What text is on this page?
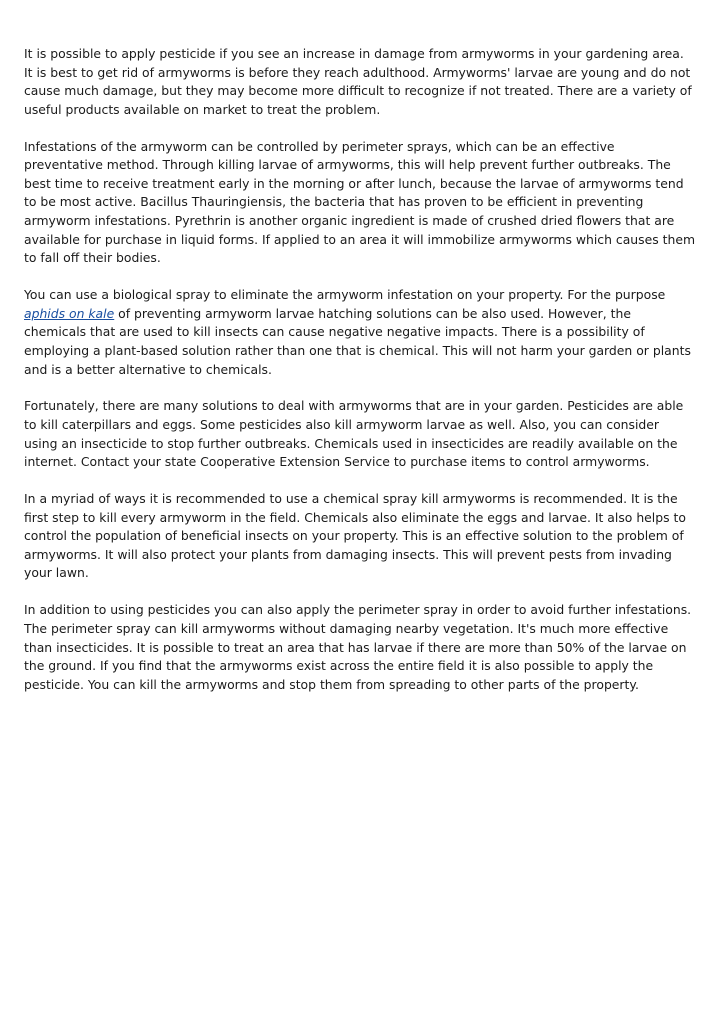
It is possible to apply pesticide if you see an increase in damage from armyworms in your gardening area. It is best to get rid of armyworms is before they reach adulthood. Armyworms' larvae are young and do not cause much damage, but they may become more difficult to recognize if not treated. There are a variety of useful products available on market to treat the problem.

Infestations of the armyworm can be controlled by perimeter sprays, which can be an effective preventative method. Through killing larvae of armyworms, this will help prevent further outbreaks. The best time to receive treatment early in the morning or after lunch, because the larvae of armyworms tend to be most active. Bacillus Thauringiensis, the bacteria that has proven to be efficient in preventing armyworm infestations. Pyrethrin is another organic ingredient is made of crushed dried flowers that are available for purchase in liquid forms. If applied to an area it will immobilize armyworms which causes them to fall off their bodies.

You can use a biological spray to eliminate the armyworm infestation on your property. For the purpose aphids on kale of preventing armyworm larvae hatching solutions can be also used. However, the chemicals that are used to kill insects can cause negative negative impacts. There is a possibility of employing a plant-based solution rather than one that is chemical. This will not harm your garden or plants and is a better alternative to chemicals.

Fortunately, there are many solutions to deal with armyworms that are in your garden. Pesticides are able to kill caterpillars and eggs. Some pesticides also kill armyworm larvae as well. Also, you can consider using an insecticide to stop further outbreaks. Chemicals used in insecticides are readily available on the internet. Contact your state Cooperative Extension Service to purchase items to control armyworms.

In a myriad of ways it is recommended to use a chemical spray kill armyworms is recommended. It is the first step to kill every armyworm in the field. Chemicals also eliminate the eggs and larvae. It also helps to control the population of beneficial insects on your property. This is an effective solution to the problem of armyworms. It will also protect your plants from damaging insects. This will prevent pests from invading your lawn.

In addition to using pesticides you can also apply the perimeter spray in order to avoid further infestations. The perimeter spray can kill armyworms without damaging nearby vegetation. It's much more effective than insecticides. It is possible to treat an area that has larvae if there are more than 50% of the larvae on the ground. If you find that the armyworms exist across the entire field it is also possible to apply the pesticide. You can kill the armyworms and stop them from spreading to other parts of the property.
